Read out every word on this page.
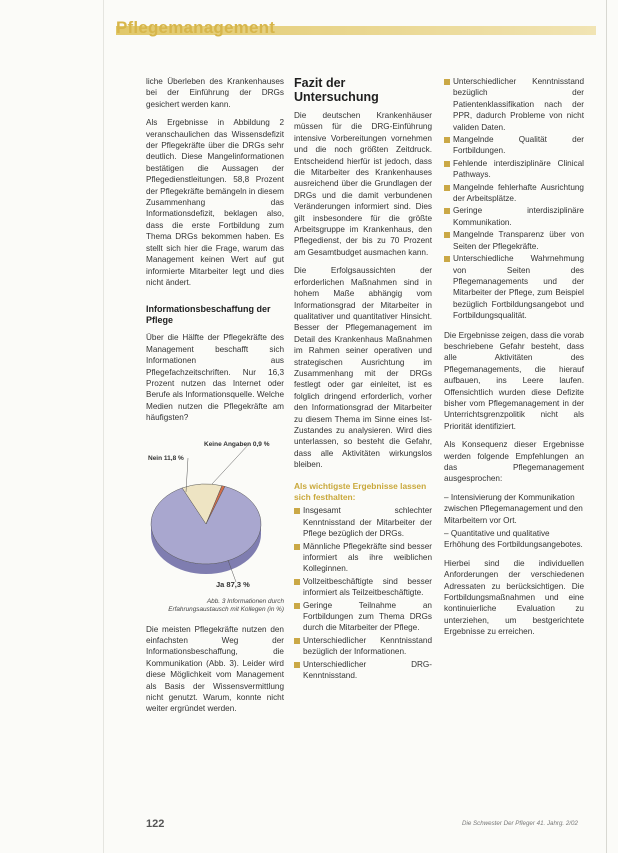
Pflegemanagement

liche Überleben des Krankenhauses bei der Einführung der DRGs gesichert werden kann.

Als Ergebnisse in Abbildung 2 veranschaulichen das Wissensdefizit der Pflegekräfte über die DRGs sehr deutlich. Diese Mangelinformationen bestätigen die Aussagen der Pflegedienstleitungen. 58,8 Prozent der Pflegekräfte bemängeln in diesem Zusammenhang das Informationsdefizit, beklagen also, dass die erste Fortbildung zum Thema DRGs bekommen haben. Es stellt sich hier die Frage, warum das Management keinen Wert auf gut informierte Mitarbeiter legt und dies nicht ändert.

Informationsbeschaffung der Pflege

Über die Hälfte der Pflegekräfte des Management beschafft sich Informationen aus Pflegefachzeitschriften. Nur 16,3 Prozent nutzen das Internet oder Berufe als Informationsquelle. Welche Medien nutzen die Pflegekräfte am häufigsten?

Ja 87,3 %
Nein 11,8 %
Keine Angaben 0,9 %
Abb. 3 Informationen durch Erfahrungsaustausch mit Kollegen (in %)

Die meisten Pflegekräfte nutzen den einfachsten Weg der Informationsbeschaffung, die Kommunikation (Abb. 3). Leider wird diese Möglichkeit vom Management als Basis der Wissensvermittlung nicht genutzt. Warum, konnte nicht weiter ergründet werden.

Fazit der Untersuchung

Die deutschen Krankenhäuser müssen für die DRG-Einführung intensive Vorbereitungen vornehmen und die noch größten Zeitdruck. Entscheidend hierfür ist jedoch, dass die Mitarbeiter des Krankenhauses ausreichend über die Grundlagen der DRGs und die damit verbundenen Veränderungen informiert sind. Dies gilt insbesondere für die größte Arbeitsgruppe im Krankenhaus, den Pflegedienst, der bis zu 70 Prozent am Gesamtbudget ausmachen kann.

Die Erfolgsaussichten der erforderlichen Maßnahmen sind in hohem Maße abhängig vom Informationsgrad der Mitarbeiter in qualitativer und quantitativer Hinsicht. Besser der Pflegemanagement im Detail des Krankenhaus Maßnahmen im Rahmen seiner operativen und strategischen Ausrichtung im Zusammenhang mit der DRGs festlegt oder gar einleitet, ist es folglich dringend erforderlich, vorher den Informationsgrad der Mitarbeiter zu diesem Thema im Sinne eines Ist-Zustandes zu analysieren. Wird dies unterlassen, so besteht die Gefahr, dass alle Aktivitäten wirkungslos bleiben.

Als wichtigste Ergebnisse lassen sich festhalten:
Insgesamt schlechter Kenntnisstand der Mitarbeiter der Pflege bezüglich der DRGs.
Männliche Pflegekräfte sind besser informiert als ihre weiblichen Kolleginnen.
Vollzeitbeschäftigte sind besser informiert als Teilzeitbeschäftigte.
Geringe Teilnahme an Fortbildungen zum Thema DRGs durch die Mitarbeiter der Pflege.
Unterschiedlicher Kenntnisstand bezüglich der Informationen.
Unterschiedlicher DRG-Kenntnisstand.
Unterschiedlicher Kenntnisstand bezüglich der Patientenklassifikation nach der PPR, dadurch Probleme von nicht validen Daten.
Mangelnde Qualität der Fortbildungen.
Fehlende interdisziplinäre Clinical Pathways.
Mangelnde fehlerhafte Ausrichtung der Arbeitsplätze.
Geringe interdisziplinäre Kommunikation.
Mangelnde Transparenz über von Seiten der Pflegekräfte.
Unterschiedliche Wahrnehmung von Seiten des Pflegemanagements und der Mitarbeiter der Pflege, zum Beispiel bezüglich Fortbildungsangebot und Fortbildungsqualität.

Die Ergebnisse zeigen, dass die vorab beschriebene Gefahr besteht, dass alle Aktivitäten des Pflegemanagements, die hierauf aufbauen, ins Leere laufen. Offensichtlich wurden diese Defizite bisher vom Pflegemanagement in der Unterrichtsgrenzpolitik nicht als Priorität identifiziert.

Als Konsequenz dieser Ergebnisse werden folgende Empfehlungen an das Pflegemanagement ausgesprochen:

– Intensivierung der Kommunikation zwischen Pflegemanagement und den Mitarbeitern vor Ort.
– Quantitative und qualitative Erhöhung des Fortbildungsangebotes.

Hierbei sind die individuellen Anforderungen der verschiedenen Adressaten zu berücksichtigen. Die Fortbildungsmaßnahmen und eine kontinuierliche Evaluation zu unterziehen, um bestgerichtete Ergebnisse zu erreichen.

122	Die Schwester Der Pfleger 41. Jahrg. 2/02
